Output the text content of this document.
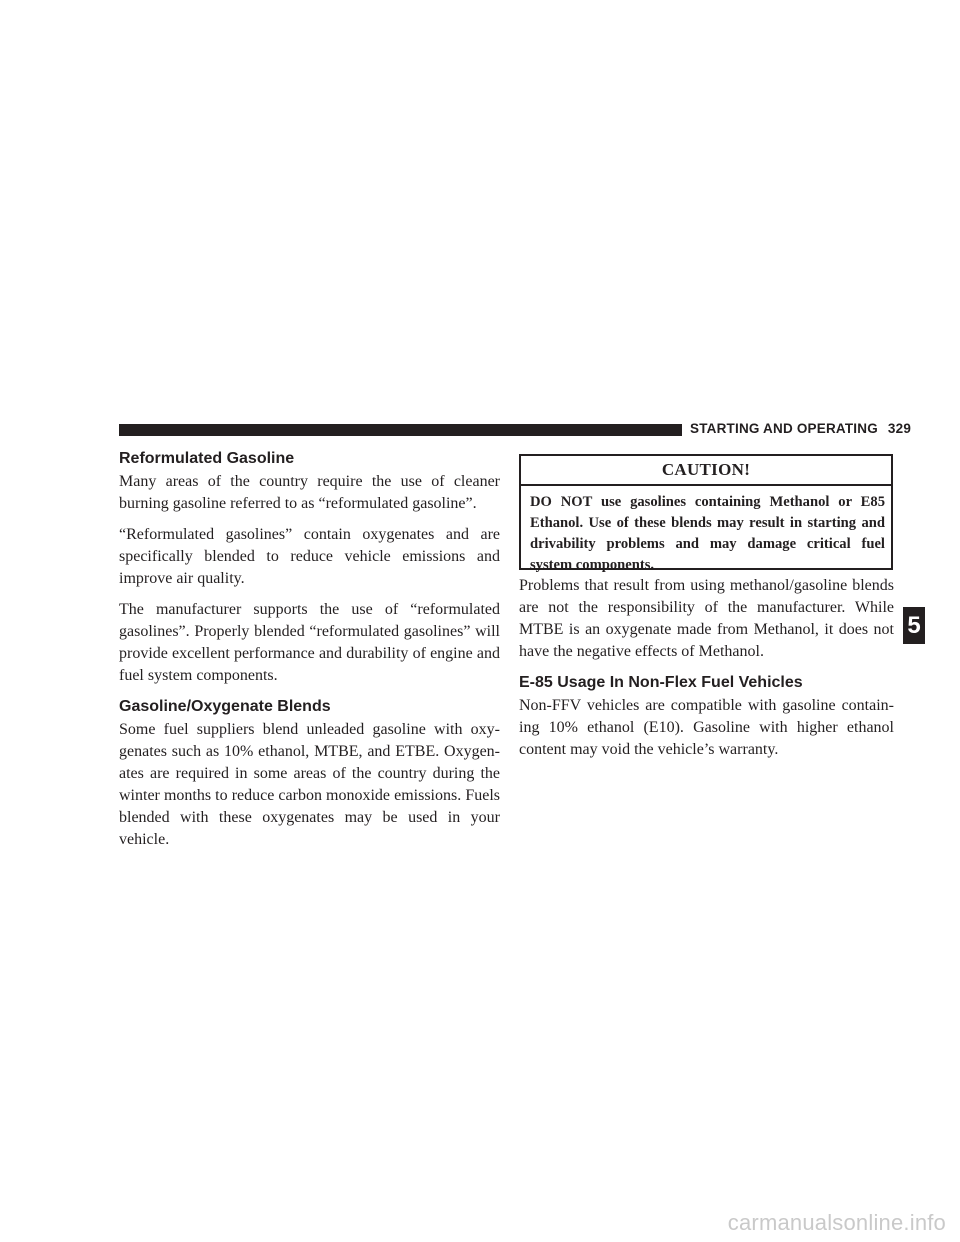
STARTING AND OPERATING 329
Reformulated Gasoline

Many areas of the country require the use of cleaner burning gasoline referred to as “reformulated gasoline”.

“Reformulated gasolines” contain oxygenates and are specifically blended to reduce vehicle emissions and improve air quality.

The manufacturer supports the use of “reformulated gasolines”. Properly blended “reformulated gasolines” will provide excellent performance and durability of engine and fuel system components.

Gasoline/Oxygenate Blends

Some fuel suppliers blend unleaded gasoline with oxy-genates such as 10% ethanol, MTBE, and ETBE. Oxygen-ates are required in some areas of the country during the winter months to reduce carbon monoxide emissions. Fuels blended with these oxygenates may be used in your vehicle.

CAUTION!
DO NOT use gasolines containing Methanol or E85 Ethanol. Use of these blends may result in starting and drivability problems and may damage critical fuel system components.

Problems that result from using methanol/gasoline blends are not the responsibility of the manufacturer. While MTBE is an oxygenate made from Methanol, it does not have the negative effects of Methanol.

E-85 Usage In Non-Flex Fuel Vehicles

Non-FFV vehicles are compatible with gasoline contain-ing 10% ethanol (E10). Gasoline with higher ethanol content may void the vehicle’s warranty.

5
carmanualsonline.info
